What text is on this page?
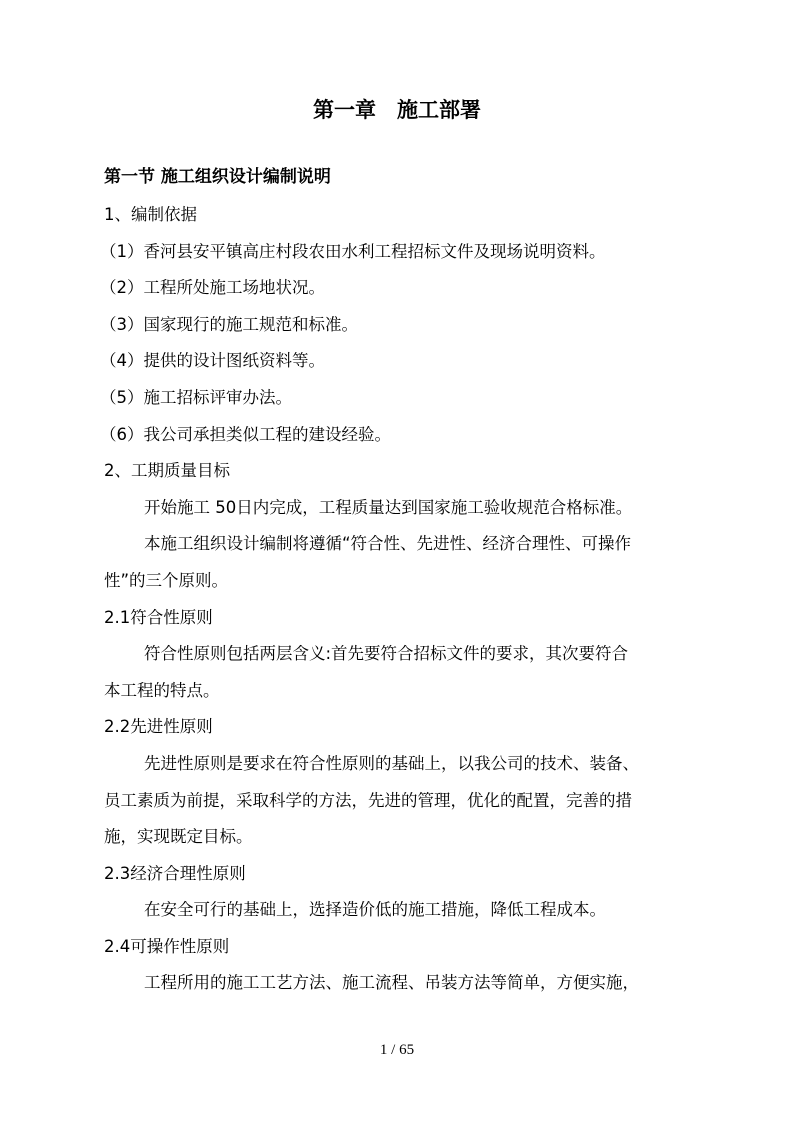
第一章　施工部署
第一节 施工组织设计编制说明
1、编制依据
（1）香河县安平镇高庄村段农田水利工程招标文件及现场说明资料。
（2）工程所处施工场地状况。
（3）国家现行的施工规范和标准。
（4）提供的设计图纸资料等。
（5）施工招标评审办法。
（6）我公司承担类似工程的建设经验。
2、工期质量目标
开始施工 50日内完成，工程质量达到国家施工验收规范合格标准。
本施工组织设计编制将遵循“符合性、先进性、经济合理性、可操作
性”的三个原则。
2.1符合性原则
符合性原则包括两层含义:首先要符合招标文件的要求，其次要符合
本工程的特点。
2.2先进性原则
先进性原则是要求在符合性原则的基础上，以我公司的技术、装备、
员工素质为前提，采取科学的方法，先进的管理，优化的配置，完善的措
施，实现既定目标。
2.3经济合理性原则
在安全可行的基础上，选择造价低的施工措施，降低工程成本。
2.4可操作性原则
工程所用的施工工艺方法、施工流程、吊装方法等简单，方便实施，
1 / 65
